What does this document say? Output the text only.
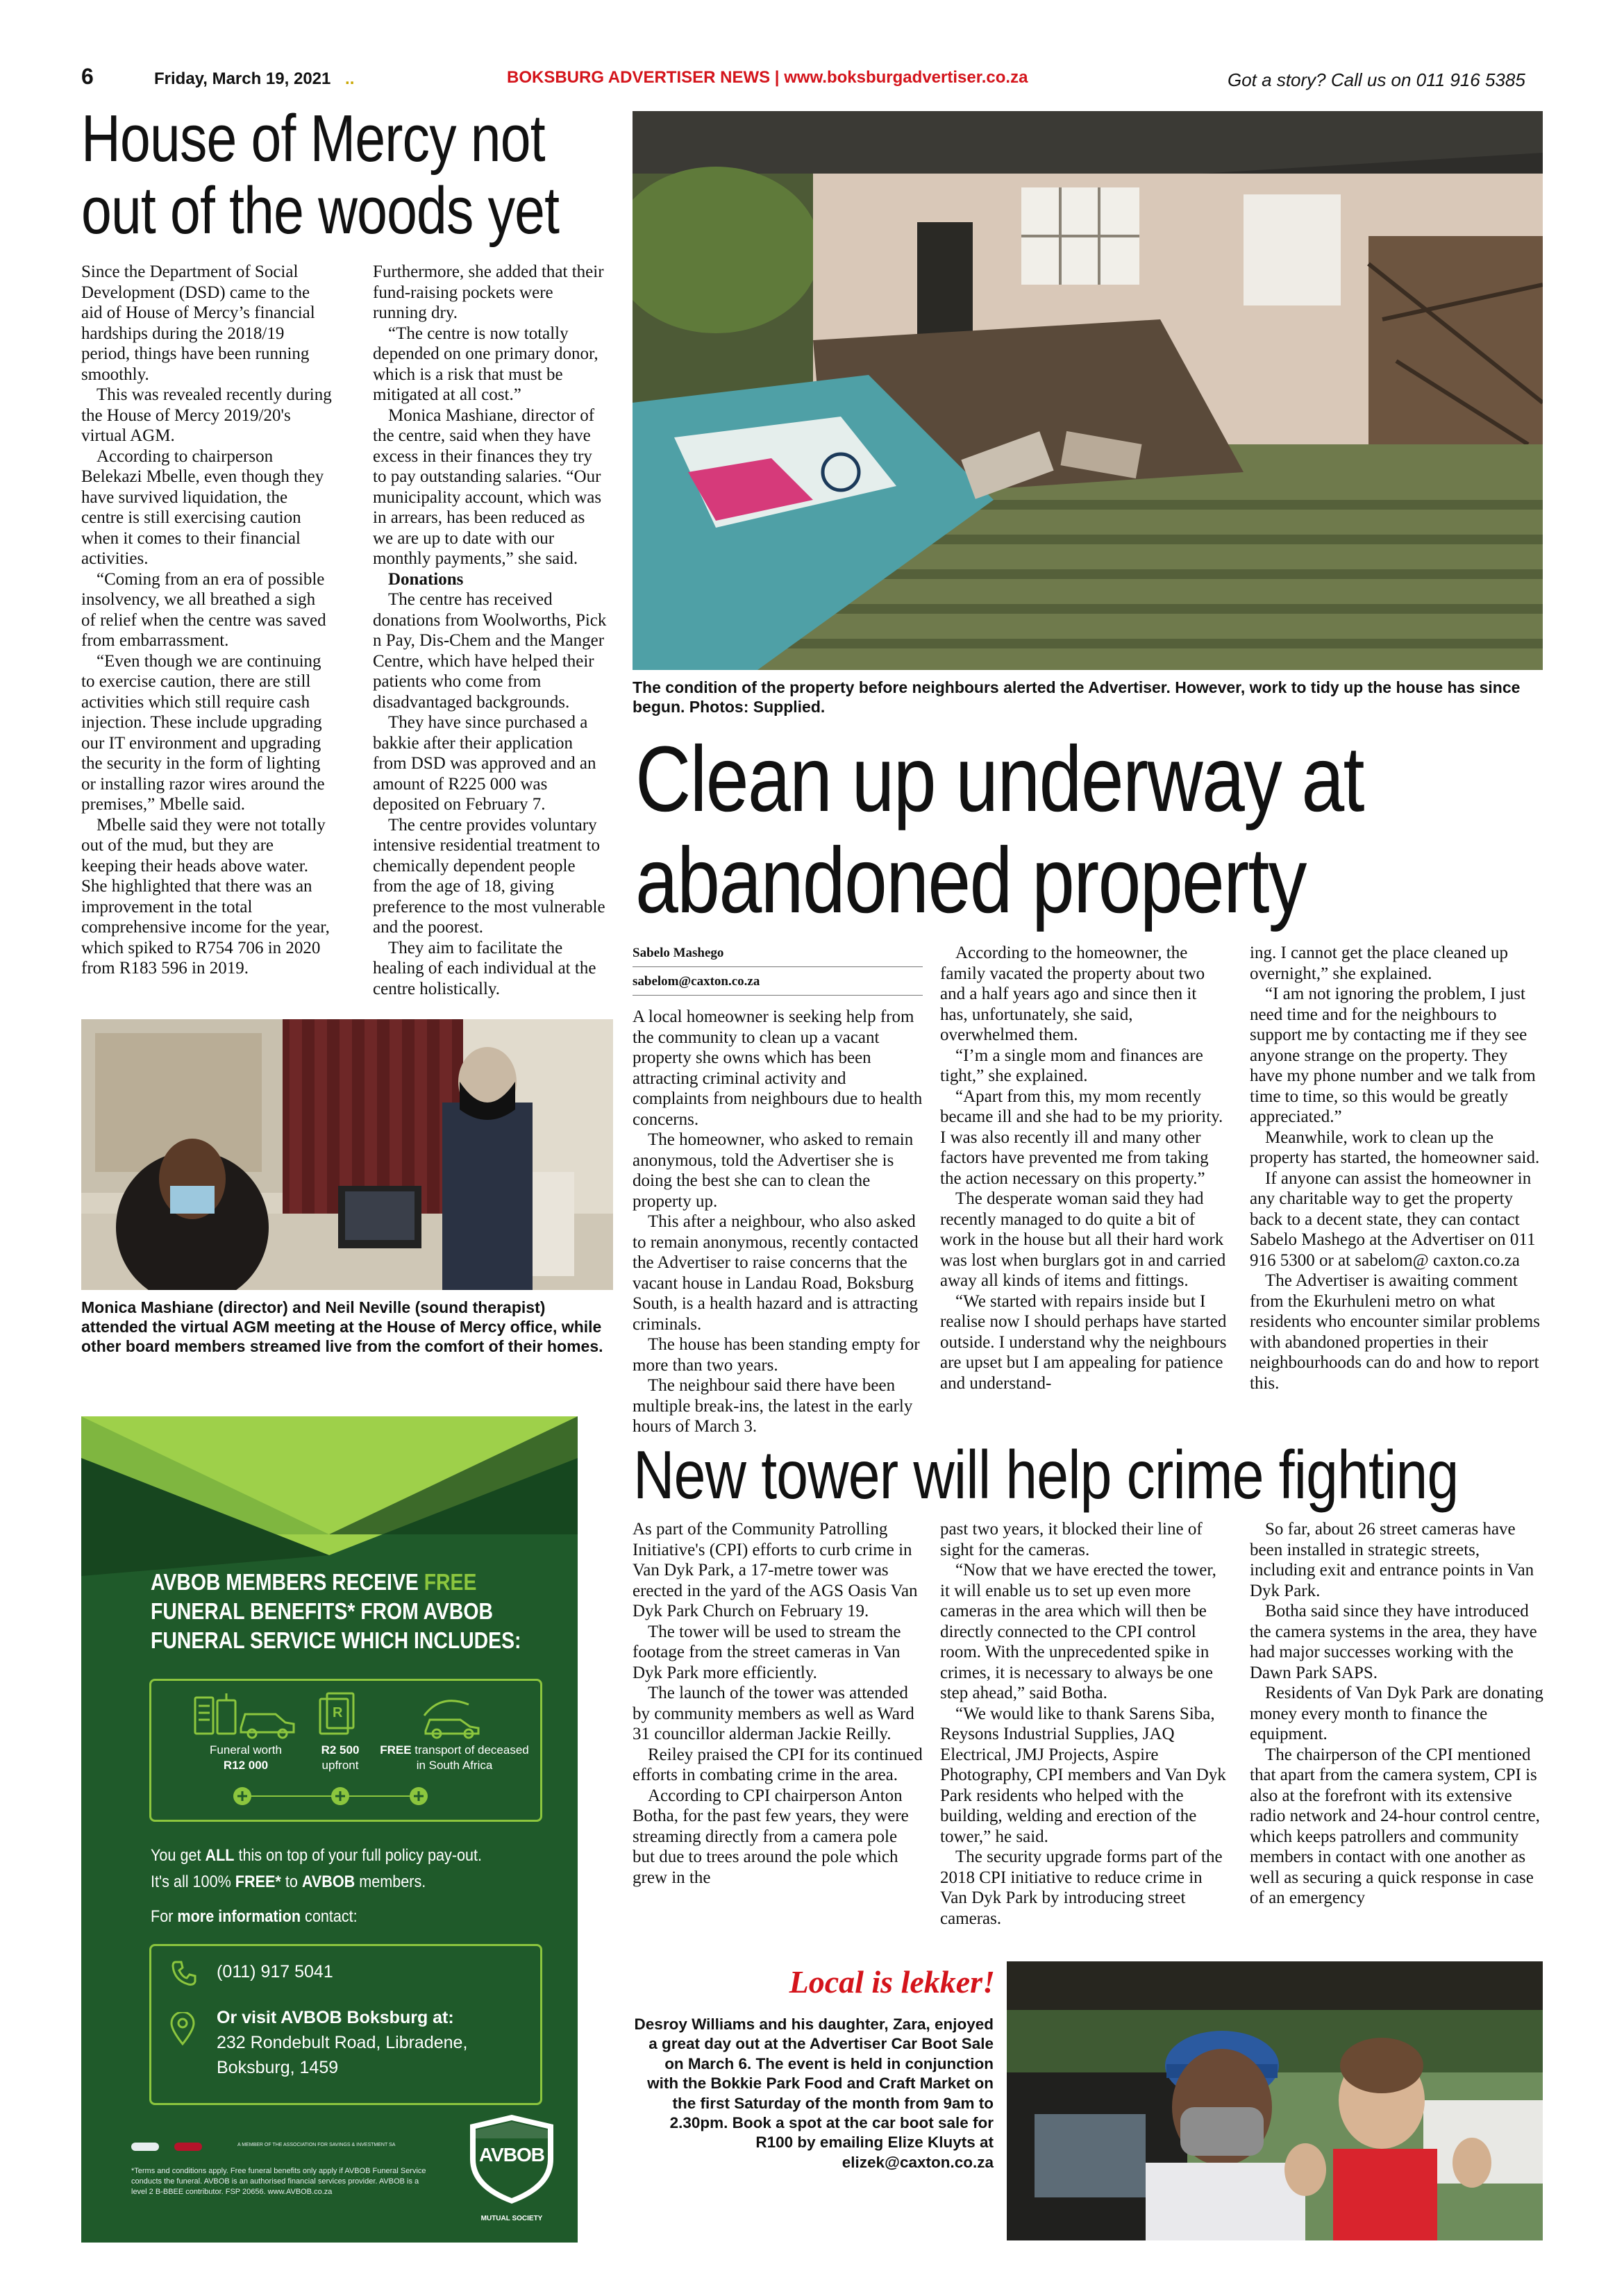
6	Friday, March 19, 2021 ..	BOKSBURG ADVERTISER NEWS | www.boksburgadvertiser.co.za	Got a story? Call us on 011 916 5385
House of Mercy not
out of the woods yet

Since the Department of Social Development (DSD) came to the aid of House of Mercy’s financial hardships during the 2018/19 period, things have been running smoothly.

This was revealed recently during the House of Mercy 2019/20's virtual AGM.

According to chairperson Belekazi Mbelle, even though they have survived liquidation, the centre is still exercising caution when it comes to their financial activities.

“Coming from an era of possible insolvency, we all breathed a sigh of relief when the centre was saved from embarrassment.

“Even though we are continuing to exercise caution, there are still activities which still require cash injection. These include upgrading our IT environment and upgrading the security in the form of lighting or installing razor wires around the premises,” Mbelle said.

Mbelle said they were not totally out of the mud, but they are keeping their heads above water. She highlighted that there was an improvement in the total comprehensive income for the year, which spiked to R754 706 in 2020 from R183 596 in 2019.

Furthermore, she added that their fund-raising pockets were running dry.

“The centre is now totally depended on one primary donor, which is a risk that must be mitigated at all cost.”

Monica Mashiane, director of the centre, said when they have excess in their finances they try to pay outstanding salaries. “Our municipality account, which was in arrears, has been reduced as we are up to date with our monthly payments,” she said.

Donations

The centre has received donations from Woolworths, Pick n Pay, Dis-Chem and the Manger Centre, which have helped their patients who come from disadvantaged backgrounds.

They have since purchased a bakkie after their application from DSD was approved and an amount of R225 000 was deposited on February 7.

The centre provides voluntary intensive residential treatment to chemically dependent people from the age of 18, giving preference to the most vulnerable and the poorest.

They aim to facilitate the healing of each individual at the centre holistically.

Monica Mashiane (director) and Neil Neville (sound therapist) attended the virtual AGM meeting at the House of Mercy office, while other board members streamed live from the comfort of their homes.
The condition of the property before neighbours alerted the Advertiser. However, work to tidy up the house has since begun. Photos: Supplied.
Clean up underway at
abandoned property
Sabelo Mashego
sabelom@caxton.co.za

A local homeowner is seeking help from the community to clean up a vacant property she owns which has been attracting criminal activity and complaints from neighbours due to health concerns.

The homeowner, who asked to remain anonymous, told the Advertiser she is doing the best she can to clean the property up.

This after a neighbour, who also asked to remain anonymous, recently contacted the Advertiser to raise concerns that the vacant house in Landau Road, Boksburg South, is a health hazard and is attracting criminals.

The house has been standing empty for more than two years.

The neighbour said there have been multiple break-ins, the latest in the early hours of March 3.

According to the homeowner, the family vacated the property about two and a half years ago and since then it has, unfortunately, she said, overwhelmed them.

“I’m a single mom and finances are tight,” she explained.

“Apart from this, my mom recently became ill and she had to be my priority. I was also recently ill and many other factors have prevented me from taking the action necessary on this property.”

The desperate woman said they had recently managed to do quite a bit of work in the house but all their hard work was lost when burglars got in and carried away all kinds of items and fittings.

“We started with repairs inside but I realise now I should perhaps have started outside. I understand why the neighbours are upset but I am appealing for patience and understand-

ing. I cannot get the place cleaned up overnight,” she explained.

“I am not ignoring the problem, I just need time and for the neighbours to support me by contacting me if they see anyone strange on the property. They have my phone number and we talk from time to time, so this would be greatly appreciated.”

Meanwhile, work to clean up the property has started, the homeowner said.

If anyone can assist the homeowner in any charitable way to get the property back to a decent state, they can contact Sabelo Mashego at the Advertiser on 011 916 5300 or at sabelom@ caxton.co.za

The Advertiser is awaiting comment from the Ekurhuleni metro on what residents who encounter similar problems with abandoned properties in their neighbourhoods can do and how to report this.

New tower will help crime fighting

As part of the Community Patrolling Initiative's (CPI) efforts to curb crime in Van Dyk Park, a 17-metre tower was erected in the yard of the AGS Oasis Van Dyk Park Church on February 19.

The tower will be used to stream the footage from the street cameras in Van Dyk Park more efficiently.

The launch of the tower was attended by community members as well as Ward 31 councillor alderman Jackie Reilly.

Reiley praised the CPI for its continued efforts in combating crime in the area.

According to CPI chairperson Anton Botha, for the past few years, they were streaming directly from a camera pole but due to trees around the pole which grew in the

past two years, it blocked their line of sight for the cameras.

“Now that we have erected the tower, it will enable us to set up even more cameras in the area which will then be directly connected to the CPI control room. With the unprecedented spike in crimes, it is necessary to always be one step ahead,” said Botha.

“We would like to thank Sarens Siba, Reysons Industrial Supplies, JAQ Electrical, JMJ Projects, Aspire Photography, CPI members and Van Dyk Park residents who helped with the building, welding and erection of the tower,” he said.

The security upgrade forms part of the 2018 CPI initiative to reduce crime in Van Dyk Park by introducing street cameras.

So far, about 26 street cameras have been installed in strategic streets, including exit and entrance points in Van Dyk Park.

Botha said since they have introduced the camera systems in the area, they have had major successes working with the Dawn Park SAPS.

Residents of Van Dyk Park are donating money every month to finance the equipment.

The chairperson of the CPI mentioned that apart from the camera system, CPI is also at the forefront with its extensive radio network and 24-hour control centre, which keeps patrollers and community members in contact with one another as well as securing a quick response in case of an emergency

Local is lekker!
Desroy Williams and his daughter, Zara, enjoyed a great day out at the Advertiser Car Boot Sale on March 6. The event is held in conjunction with the Bokkie Park Food and Craft Market on the first Saturday of the month from 9am to 2.30pm. Book a spot at the car boot sale for R100 by emailing Elize Kluyts at elizek@caxton.co.za
AVBOB MEMBERS RECEIVE FREE
FUNERAL BENEFITS* FROM AVBOB
FUNERAL SERVICE WHICH INCLUDES:
R
Funeral worth
R12 000
R2 500
upfront
FREE transport of deceased
in South Africa
You get ALL this on top of your full policy pay-out.
It's all 100% FREE* to AVBOB members.
For more information contact:
(011) 917 5041
Or visit AVBOB Boksburg at:
232 Rondebult Road, Libradene,
Boksburg, 1459

A MEMBER OF THE ASSOCIATION FOR SAVINGS & INVESTMENT SA
*Terms and conditions apply. Free funeral benefits only apply if AVBOB Funeral Service
conducts the funeral. AVBOB is an authorised financial services provider. AVBOB is a
level 2 B-BBEE contributor. FSP 20656. www.AVBOB.co.za
AVBOB
MUTUAL SOCIETY
